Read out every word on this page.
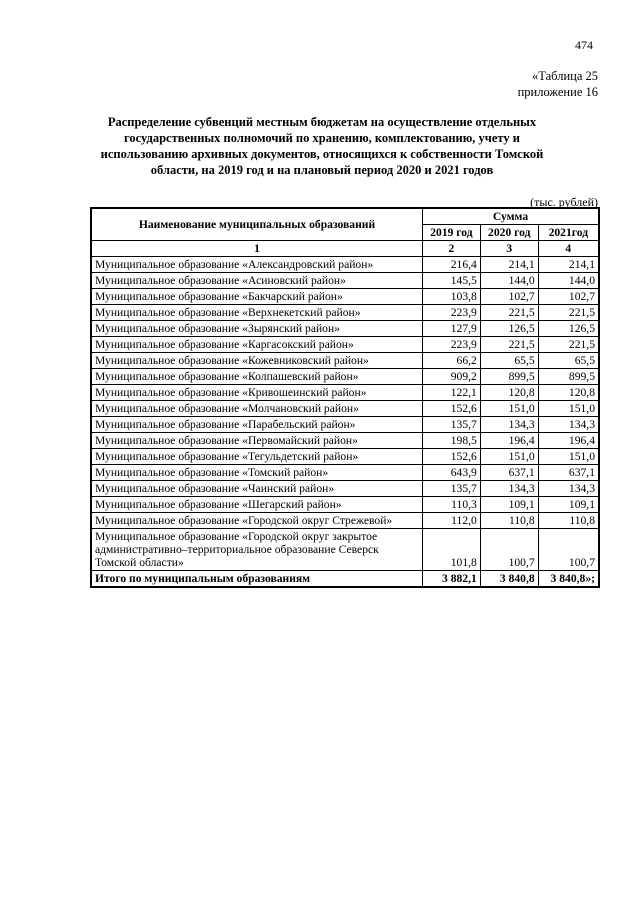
474
«Таблица 25
приложение 16
Распределение субвенций местным бюджетам на осуществление отдельных государственных полномочий по хранению, комплектованию, учету и использованию архивных документов, относящихся к собственности Томской области, на 2019 год и на плановый период 2020 и 2021 годов
(тыс. рублей)
Наименование муниципальных образований	Сумма		
	2019 год	2020 год	2021год
1	2	3	4
Муниципальное образование «Александровский район»	216,4	214,1	214,1
Муниципальное образование «Асиновский район»	145,5	144,0	144,0
Муниципальное образование «Бакчарский район»	103,8	102,7	102,7
Муниципальное образование «Верхнекетский район»	223,9	221,5	221,5
Муниципальное образование «Зырянский район»	127,9	126,5	126,5
Муниципальное образование «Каргасокский район»	223,9	221,5	221,5
Муниципальное образование «Кожевниковский район»	66,2	65,5	65,5
Муниципальное образование «Колпашевский район»	909,2	899,5	899,5
Муниципальное образование «Кривошеинский район»	122,1	120,8	120,8
Муниципальное образование «Молчановский район»	152,6	151,0	151,0
Муниципальное образование «Парабельский район»	135,7	134,3	134,3
Муниципальное образование «Первомайский район»	198,5	196,4	196,4
Муниципальное образование «Тегульдетский район»	152,6	151,0	151,0
Муниципальное образование «Томский район»	643,9	637,1	637,1
Муниципальное образование «Чаинский район»	135,7	134,3	134,3
Муниципальное образование «Шегарский район»	110,3	109,1	109,1
Муниципальное образование «Городской округ Стрежевой»	112,0	110,8	110,8
Муниципальное образование «Городской округ закрытое административно–территориальное образование Северск Томской области»	101,8	100,7	100,7
Итого по муниципальным образованиям	3 882,1	3 840,8	3 840,8»;
